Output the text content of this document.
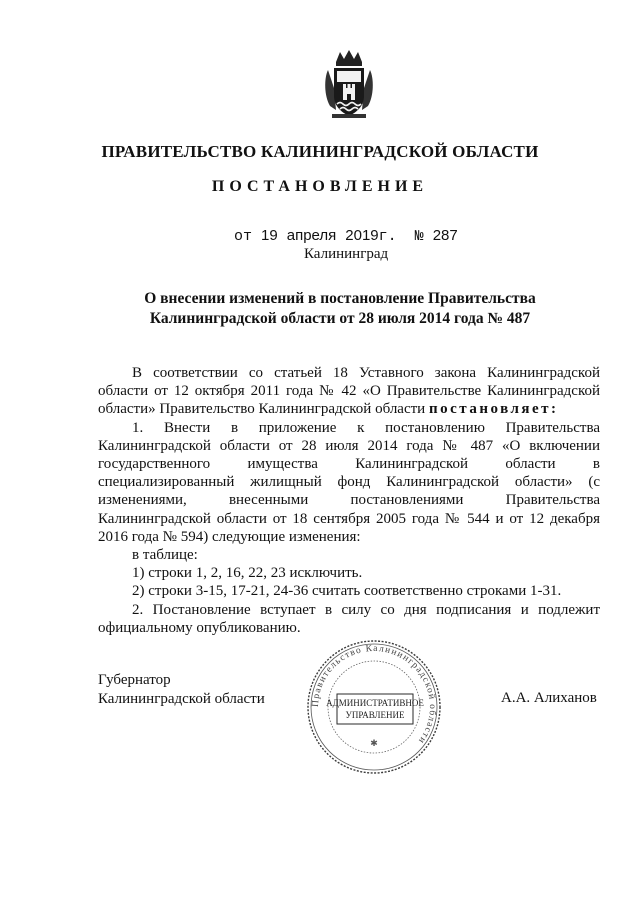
ПРАВИТЕЛЬСТВО КАЛИНИНГРАДСКОЙ ОБЛАСТИ
ПОСТАНОВЛЕНИЕ
от 19 апреля 2019г. № 287
Калининград
О внесении изменений в постановление Правительства
Калининградской области от 28 июля 2014 года № 487

В соответствии со статьей 18 Уставного закона Калининградской области от 12 октября 2011 года № 42 «О Правительстве Калининградской области» Правительство Калининградской области постановляет:

1. Внести в приложение к постановлению Правительства Калининградской области от 28 июля 2014 года № 487 «О включении государственного имущества Калининградской области в специализированный жилищный фонд Калининградской области» (с изменениями, внесенными постановлениями Правительства Калининградской области от 18 сентября 2005 года № 544 и от 12 декабря 2016 года № 594) следующие изменения:

в таблице:

1) строки 1, 2, 16, 22, 23 исключить.

2) строки 3-15, 17-21, 24-36 считать соответственно строками 1-31.

2. Постановление вступает в силу со дня подписания и подлежит официальному опубликованию.

Губернатор
Калининградской области	А.А. Алиханов
Правительство Калининградской области
АДМИНИСТРАТИВНОЕ
УПРАВЛЕНИЕ
✱
